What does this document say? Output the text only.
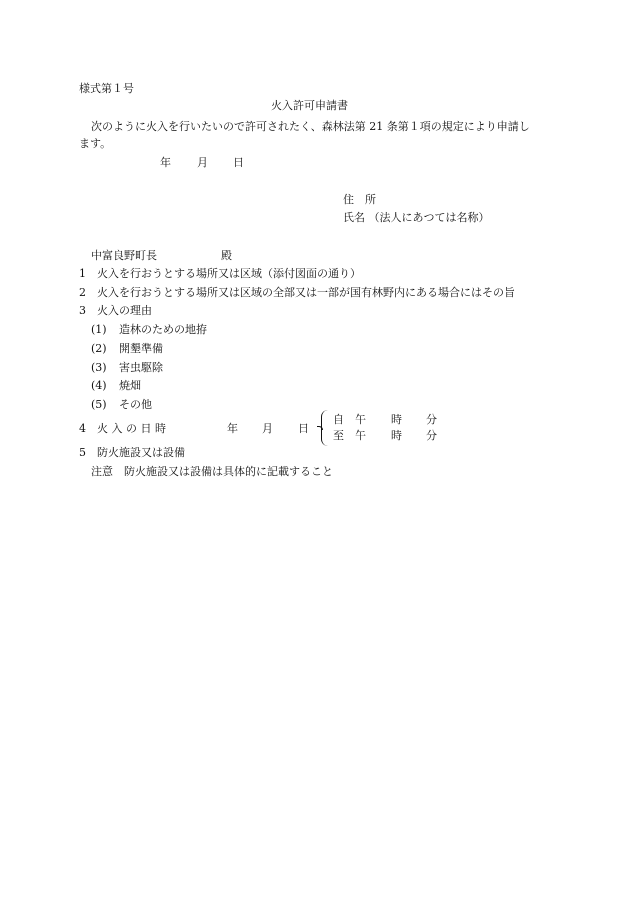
様式第１号
火入許可申請書
次のように火入を行いたいので許可されたく、森林法第 21 条第１項の規定により申請し
ます。
年 月 日
住　所
氏名 （法人にあつては名称）
中富良野町長	殿
1	火入を行おうとする場所又は区域（添付図面の通り）
2	火入を行おうとする場所又は区域の全部又は一部が国有林野内にある場合にはその旨
3	火入の理由
(1)	造林のための地拵
(2)	開墾準備
(3)	害虫駆除
(4)	焼畑
(5)	その他
4 火 入 の 日 時	年 月 日
自 午 時 分
至 午 時 分
5	防火施設又は設備
注意　防火施設又は設備は具体的に記載すること
